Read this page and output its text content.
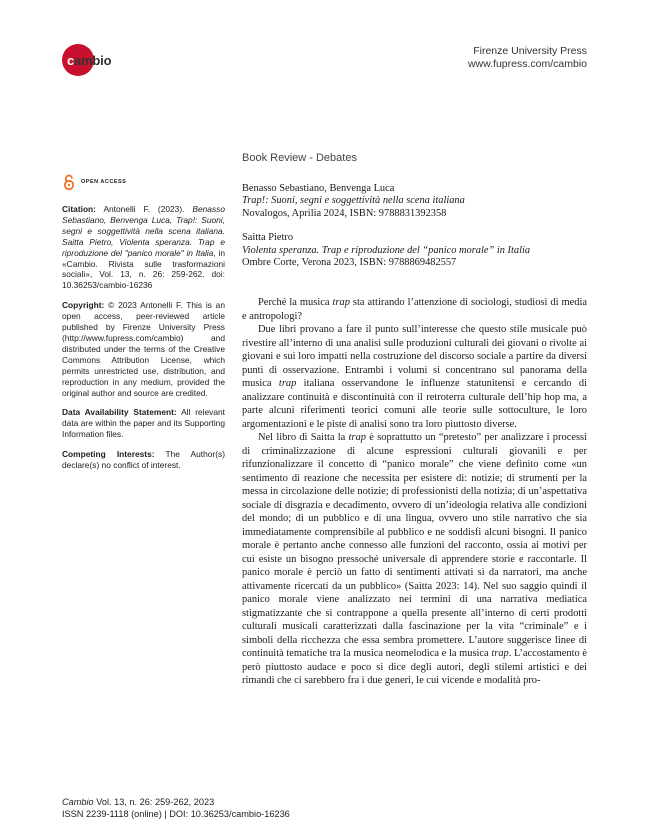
cambio
Firenze University Press
www.fupress.com/cambio
Book Review - Debates
OPEN ACCESS

Citation: Antonelli F. (2023). Benasso Sebastiano, Benvenga Luca, Trap!: Suoni, segni e soggettività nella scena italiana. Saitta Pietro, Violenta speranza. Trap e riproduzione del "panico morale" in Italia, in «Cambio. Rivista sulle trasformazioni sociali», Vol. 13, n. 26: 259-262. doi: 10.36253/cambio-16236

Copyright: © 2023 Antonelli F. This is an open access, peer-reviewed article published by Firenze University Press (http://www.fupress.com/cambio) and distributed under the terms of the Creative Commons Attribution License, which permits unrestricted use, distribution, and reproduction in any medium, provided the original author and source are credited.

Data Availability Statement: All relevant data are within the paper and its Supporting Information files.

Competing Interests: The Author(s) declare(s) no conflict of interest.

Benasso Sebastiano, Benvenga Luca
Trap!: Suoni, segni e soggettività nella scena italiana
Novalogos, Aprilia 2024, ISBN: 9788831392358
Saitta Pietro
Violenta speranza. Trap e riproduzione del “panico morale” in Italia
Ombre Corte, Verona 2023, ISBN: 9788869482557

Perché la musica trap sta attirando l’attenzione di sociologi, studiosi di media e antropologi?

Due libri provano a fare il punto sull’interesse che questo stile musicale può rivestire all’interno di una analisi sulle produzioni culturali dei giovani o rivolte ai giovani e sui loro impatti nella costruzione del discorso sociale a partire da diversi punti di osservazione. Entrambi i volumi si concentrano sul panorama della musica trap italiana osservandone le influenze statunitensi e cercando di analizzare continuità e discontinuità con il retroterra culturale dell’hip hop ma, a parte alcuni riferimenti teorici comuni alle teorie sulle sottoculture, le loro argomentazioni e le piste di analisi sono tra loro piuttosto diverse.

Nel libro di Saitta la trap è soprattutto un “pretesto” per analizzare i processi di criminalizzazione di alcune espressioni culturali giovanili e per rifunzionalizzare il concetto di “panico morale” che viene definito come «un sentimento di reazione che necessita per esistere di: notizie; di strumenti per la messa in circolazione delle notizie; di professionisti della notizia; di un’aspettativa sociale di disgrazia e decadimento, ovvero di un’ideologia relativa alle condizioni del mondo; di un pubblico e di una lingua, ovvero uno stile narrativo che sia immediatamente comprensibile al pubblico e ne soddisfi alcuni bisogni. Il panico morale è pertanto anche connesso alle funzioni del racconto, ossia ai motivi per cui esiste un bisogno pressoché universale di apprendere storie e raccontarle. Il panico morale è perciò un fatto di sentimenti attivati sì da narratori, ma anche attivamente ricercati da un pubblico» (Saitta 2023: 14). Nel suo saggio quindi il panico morale viene analizzato nei termini di una narrativa mediatica stigmatizzante che si contrappone a quella presente all’interno di certi prodotti culturali musicali caratterizzati dalla fascinazione per la vita “criminale” e i simboli della ricchezza che essa sembra promettere. L’autore suggerisce linee di continuità tematiche tra la musica neomelodica e la musica trap. L’accostamento è però piuttosto audace e poco si dice degli autori, degli stilemi artistici e dei rimandi che ci sarebbero fra i due generi, le cui vicende e modalità pro-

Cambio Vol. 13, n. 26: 259-262, 2023
ISSN 2239-1118 (online) | DOI: 10.36253/cambio-16236
